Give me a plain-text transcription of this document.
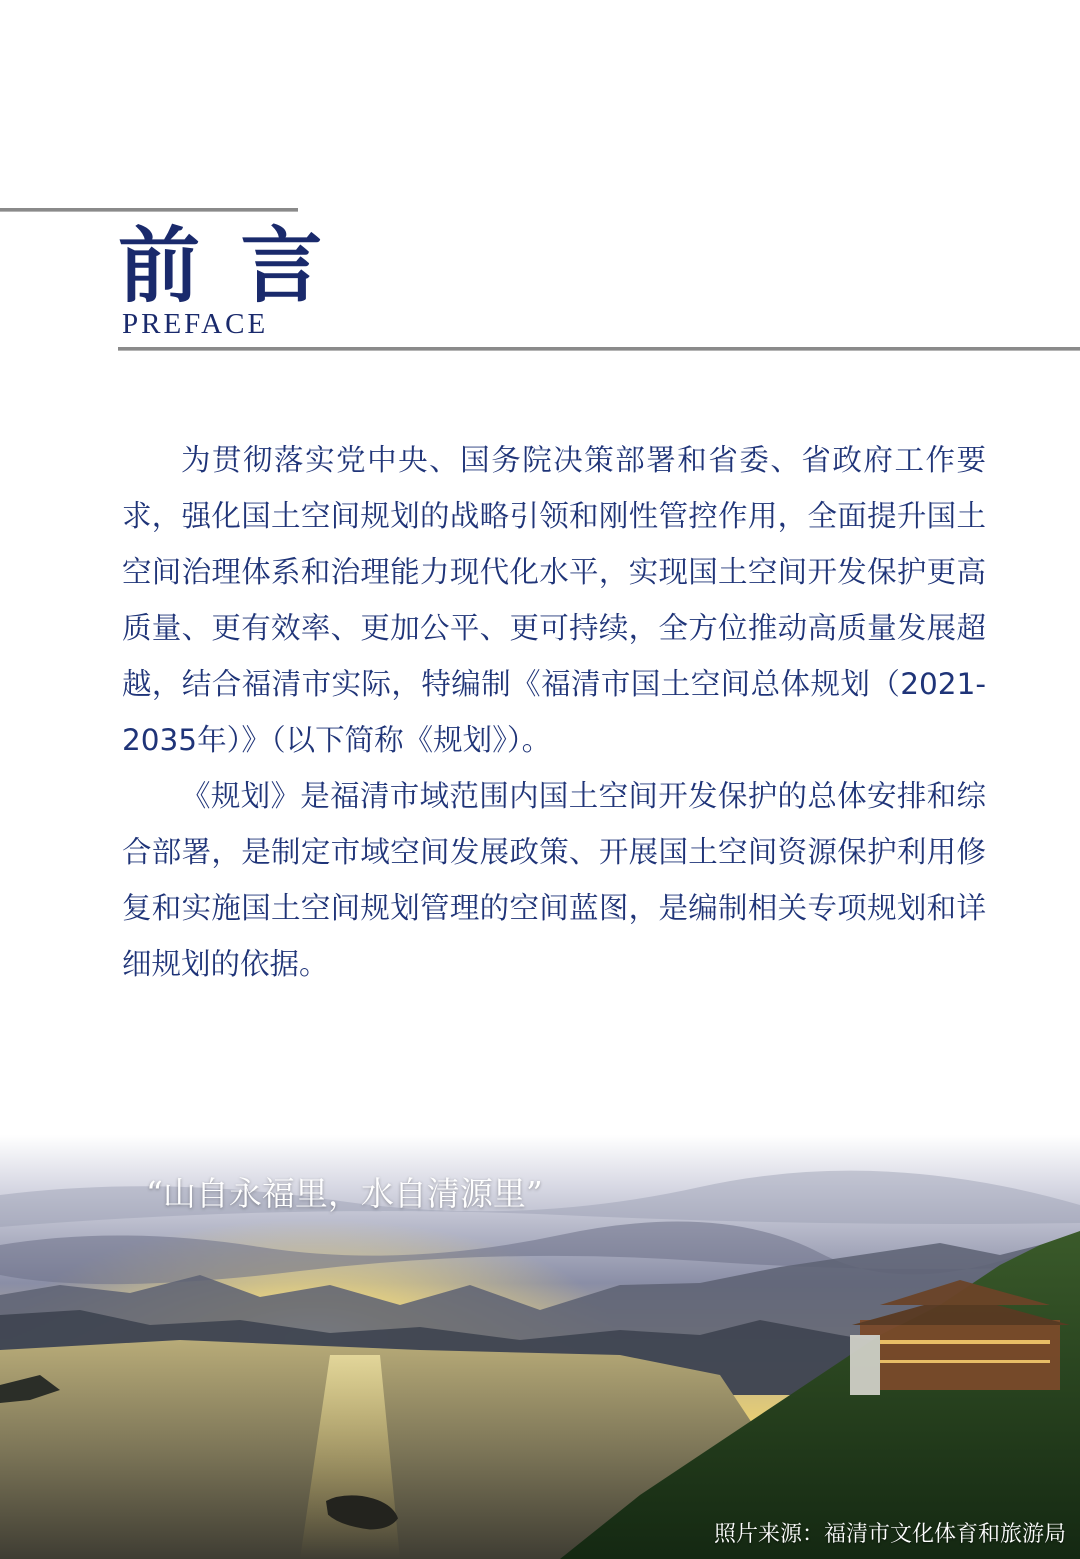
前 言
PREFACE

为贯彻落实党中央、国务院决策部署和省委、省政府工作要求，强化国土空间规划的战略引领和刚性管控作用，全面提升国土空间治理体系和治理能力现代化水平，实现国土空间开发保护更高质量、更有效率、更加公平、更可持续，全方位推动高质量发展超越，结合福清市实际，特编制《福清市国土空间总体规划（2021-2035年）》（以下简称《规划》）。

《规划》是福清市域范围内国土空间开发保护的总体安排和综合部署，是制定市域空间发展政策、开展国土空间资源保护利用修复和实施国土空间规划管理的空间蓝图，是编制相关专项规划和详细规划的依据。

“山自永福里，水自清源里”
照片来源：福清市文化体育和旅游局
